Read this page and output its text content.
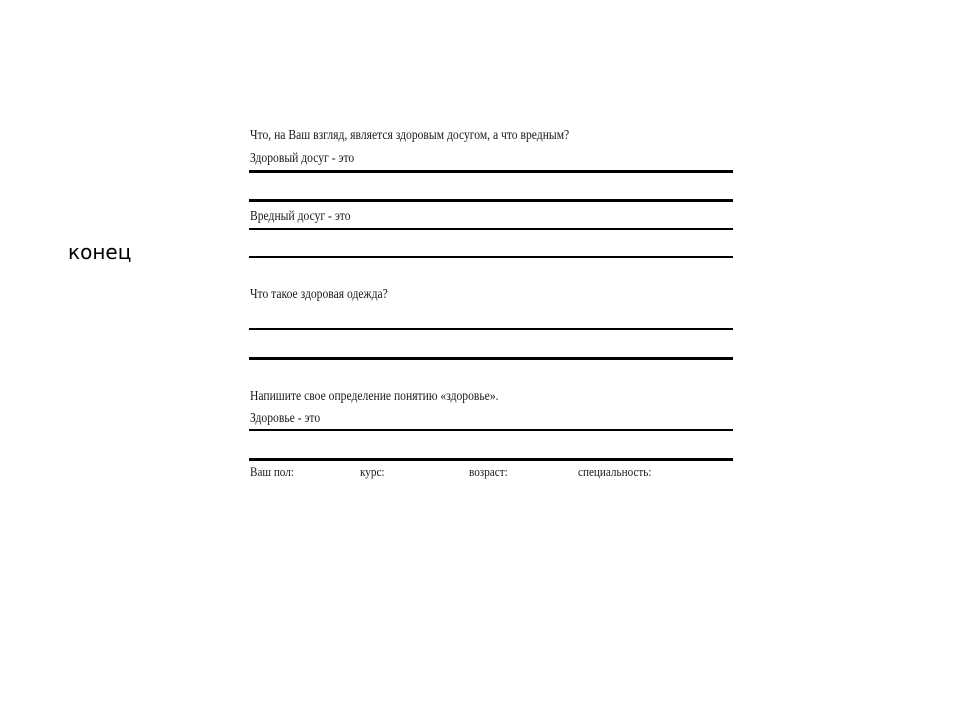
конец
Что, на Ваш взгляд, является здоровым досугом, а что вредным?
Здоровый досуг - это
Вредный досуг - это
Что такое здоровая одежда?
Напишите свое определение понятию «здоровье».
Здоровье - это
Ваш пол:	курс:	возраст:	специальность:
